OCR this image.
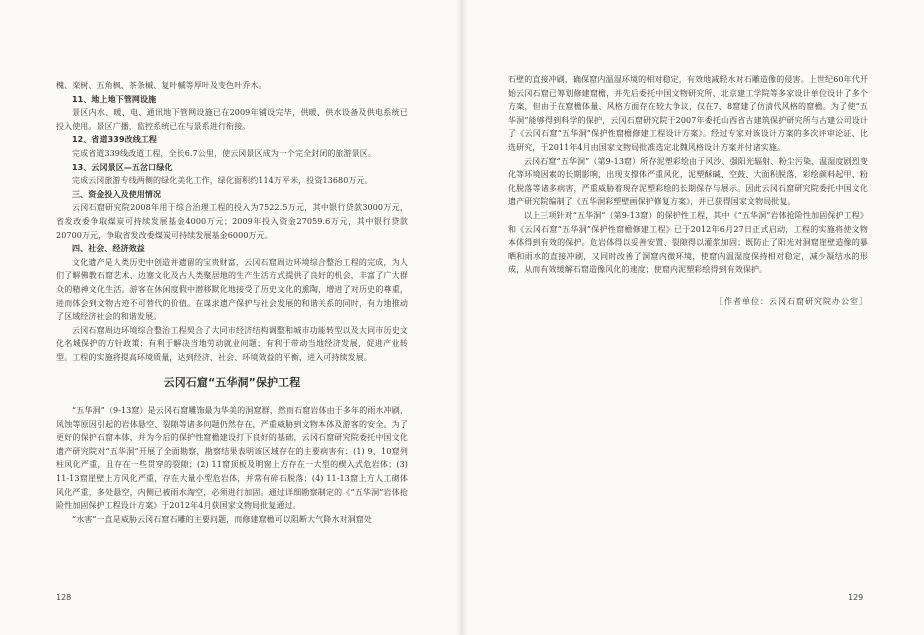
槐、栾树、五角枫、茶条槭、复叶槭等厚叶及变色叶乔木。

11、地上地下管网设施

景区内水、暖、电、通讯地下管网设施已在2009年铺设完毕，供暖、供水设备及供电系统已投入使用。景区广播，监控系统已在与景系进行衔接。

12、省道339改线工程

完成省道339线改道工程，全长6.7公里，使云冈景区成为一个完全封闭的旅游景区。

13、云冈景区—五岔口绿化

完成云冈旅游专线两侧的绿化美化工作，绿化面积约114万平米，投资13680万元。

三、资金投入及使用情况

云冈石窟研究院2008年用于综合治理工程的投入为7522.5万元，其中银行贷款3000万元，省发改委争取煤炭可持续发展基金4000万元；2009年投入资金27059.6万元，其中银行贷款20700万元，争取省发改委煤炭可持续发展基金6000万元。

四、社会、经济效益

文化遗产是人类历史中创造并遗留的宝贵财富，云冈石窟周边环境综合整治工程的完成，为人们了解佛教石窟艺术、边塞文化及古人类聚居地的生产生活方式提供了良好的机会，丰富了广大群众的精神文化生活。游客在休闲度假中潜移默化地接受了历史文化的熏陶，增进了对历史的尊重，进而体会到文物古迹不可替代的价值。在谋求遗产保护与社会发展的和谐关系的同时，有力地推动了区域经济社会的和谐发展。

云冈石窟周边环境综合整治工程契合了大同市经济结构调整和城市功能转型以及大同市历史文化名城保护的方针政策；有利于解决当地劳动就业问题；有利于带动当地经济发展，促进产业转型。工程的实施将提高环境质量，达到经济、社会、环境效益的平衡，进入可持续发展。

云冈石窟“五华洞”保护工程

“五华洞”（9-13窟）是云冈石窟雕饰最为华美的洞窟群，然而石窟岩体由于多年的雨水冲刷、风蚀等原因引起的岩体悬空、裂隙等诸多问题仍然存在，严重威胁到文物本体及游客的安全。为了更好的保护石窟本体，并为今后的保护性窟檐建设打下良好的基础，云冈石窟研究院委托中国文化遗产研究院对“五华洞”开展了全面勘察，勘察结果表明该区域存在的主要病害有：(1) 9、10窟列柱风化严重，且存在一些贯穿的裂隙；(2) 11窟顶板及明窗上方存在一大型的楔入式危岩体；(3) 11-13窟崖壁上方风化严重，存在大量小型危岩体，并常有碎石脱落；(4) 11-13窟上方人工砌体风化严重，多处悬空，内侧已被雨水淘空，必须进行加固。通过详细勘察制定的《“五华洞”岩体抢险性加固保护工程设计方案》于2012年4月获国家文物局批复通过。

“水害”一直是威胁云冈石窟石雕的主要问题，而修建窟檐可以阻断大气降水对洞窟处

128

石壁的直接冲刷，确保窟内温湿环境的相对稳定，有效地减轻水对石雕造像的侵害。上世纪60年代开始云冈石窟已筹划修建窟檐，并先后委托中国文物研究所、北京建工学院等多家设计单位设计了多个方案，但由于在窟檐体量、风格方面存在较大争议，仅在7、8窟建了仿清代风格的窟檐。为了使“五华洞”能够得到科学的保护，云冈石窟研究院于2007年委托山西省古建筑保护研究所与古建公司设计了《云冈石窟“五华洞”保护性窟檐修建工程设计方案》。经过专家对该设计方案的多次评审论证、比选研究，于2011年4月由国家文物局批准选定北魏风格设计方案并付诸实施。

云冈石窟“五华洞”（第9-13窟）所存泥塑彩绘由于风沙、强阳光辐射、粉尘污染、温湿度剧烈变化等环境因素的长期影响，出现支撑体严重风化，泥塑酥碱、空鼓、大面积脱落，彩绘颜料起甲、粉化脱落等诸多病害，严重威胁着现存泥塑彩绘的长期保存与展示。因此云冈石窟研究院委托中国文化遗产研究院编制了《五华洞彩塑壁画保护修复方案》，并已获得国家文物局批复。

以上三项针对“五华洞”（第9-13窟）的保护性工程，其中《“五华洞”岩体抢险性加固保护工程》和《云冈石窟“五华洞”保护性窟檐修建工程》已于2012年6月27日正式启动，工程的实施将使文物本体得到有效的保护。危岩体得以妥善安置、裂隙得以灌浆加固；既防止了阳光对洞窟崖壁造像的暴晒和雨水的直接冲刷，又同时改善了洞窟内微环境，使窟内温湿度保持相对稳定，减少凝结水的形成，从而有效缓解石窟造像风化的速度；使窟内泥塑彩绘得到有效保护。

［作者单位：云冈石窟研究院办公室］
129
